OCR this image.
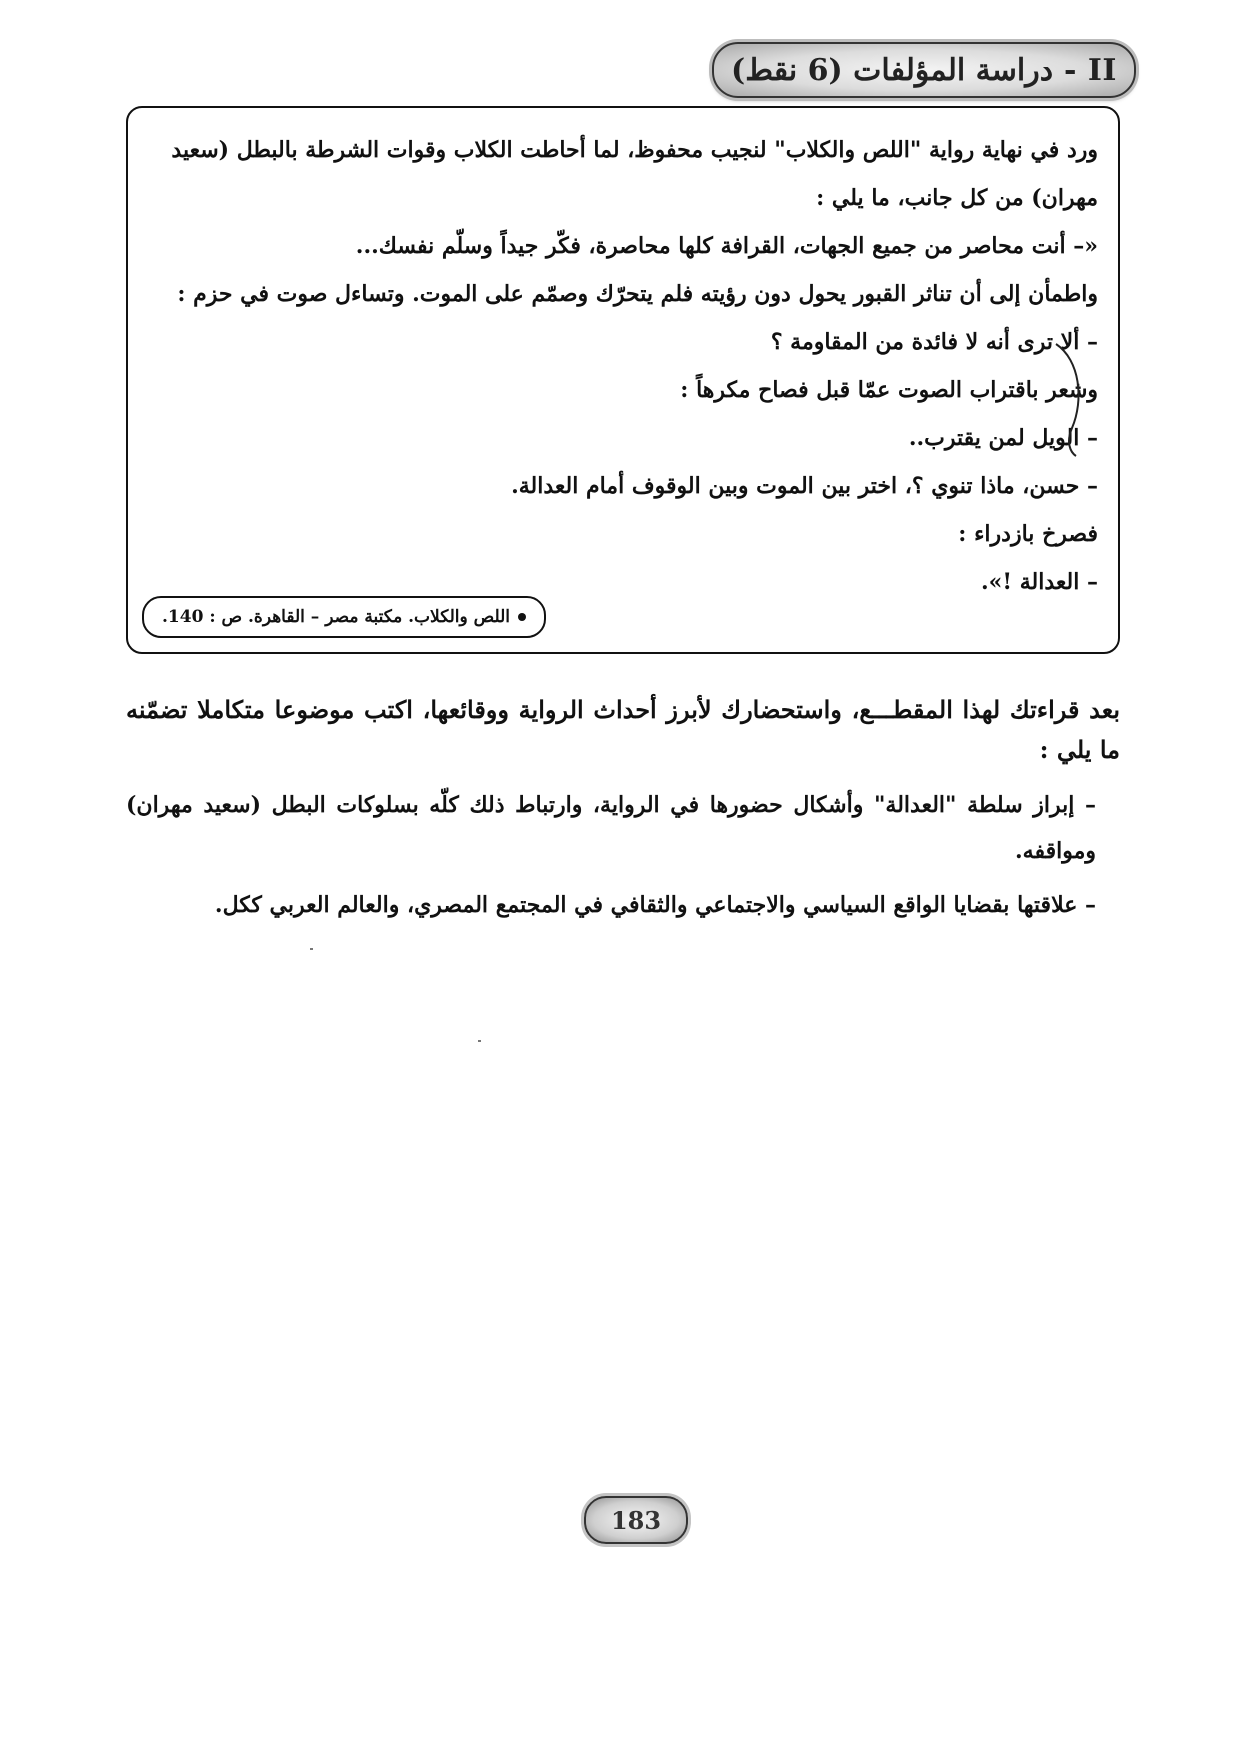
II - دراسة المؤلفات (6 نقط)

ورد في نهاية رواية "اللص والكلاب" لنجيب محفوظ، لما أحاطت الكلاب وقوات الشرطة بالبطل (سعيد

مهران) من كل جانب، ما يلي :

«– أنت محاصر من جميع الجهات، القرافة كلها محاصرة، فكّر جيداً وسلّم نفسك...

واطمأن إلى أن تناثر القبور يحول دون رؤيته فلم يتحرّك وصمّم على الموت. وتساءل صوت في حزم :

– ألا ترى أنه لا فائدة من المقاومة ؟

وشعر باقتراب الصوت عمّا قبل فصاح مكرهاً :

– الويل لمن يقترب..

– حسن، ماذا تنوي ؟، اختر بين الموت وبين الوقوف أمام العدالة.

فصرخ بازدراء :

– العدالة !».

اللص والكلاب. مكتبة مصر – القاهرة. ص : 140.

بعد قراءتك لهذا المقطـــع، واستحضارك لأبرز أحداث الرواية ووقائعها، اكتب موضوعا متكاملا تضمّنه ما يلي :

– إبراز سلطة "العدالة" وأشكال حضورها في الرواية، وارتباط ذلك كلّه بسلوكات البطل (سعيد مهران) ومواقفه.

– علاقتها بقضايا الواقع السياسي والاجتماعي والثقافي في المجتمع المصري، والعالم العربي ككل.

183
